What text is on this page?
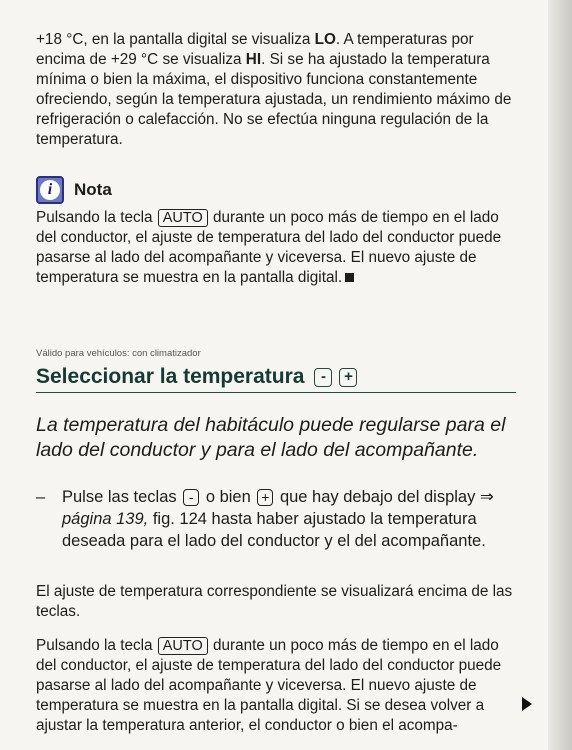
+18 °C, en la pantalla digital se visualiza LO. A temperaturas por encima de +29 °C se visualiza HI. Si se ha ajustado la temperatura mínima o bien la máxima, el dispositivo funciona constantemente ofreciendo, según la temperatura ajustada, un rendimiento máximo de refrigeración o calefacción. No se efectúa ninguna regulación de la temperatura.

i	Nota

Pulsando la tecla AUTO durante un poco más de tiempo en el lado del conductor, el ajuste de temperatura del lado del conductor puede pasarse al lado del acompañante y viceversa. El nuevo ajuste de temperatura se muestra en la pantalla digital.

Válido para vehículos: con climatizador
Seleccionar la temperatura	-	+
La temperatura del habitáculo puede regularse para el lado del conductor y para el lado del acompañante.
–	Pulse las teclas - o bien + que hay debajo del display ⇒ página 139, fig. 124 hasta haber ajustado la temperatura deseada para el lado del conductor y el del acompañante.

El ajuste de temperatura correspondiente se visualizará encima de las teclas.

Pulsando la tecla AUTO durante un poco más de tiempo en el lado del conductor, el ajuste de temperatura del lado del conductor puede pasarse al lado del acompañante y viceversa. El nuevo ajuste de temperatura se muestra en la pantalla digital. Si se desea volver a ajustar la temperatura anterior, el conductor o bien el acompa-
